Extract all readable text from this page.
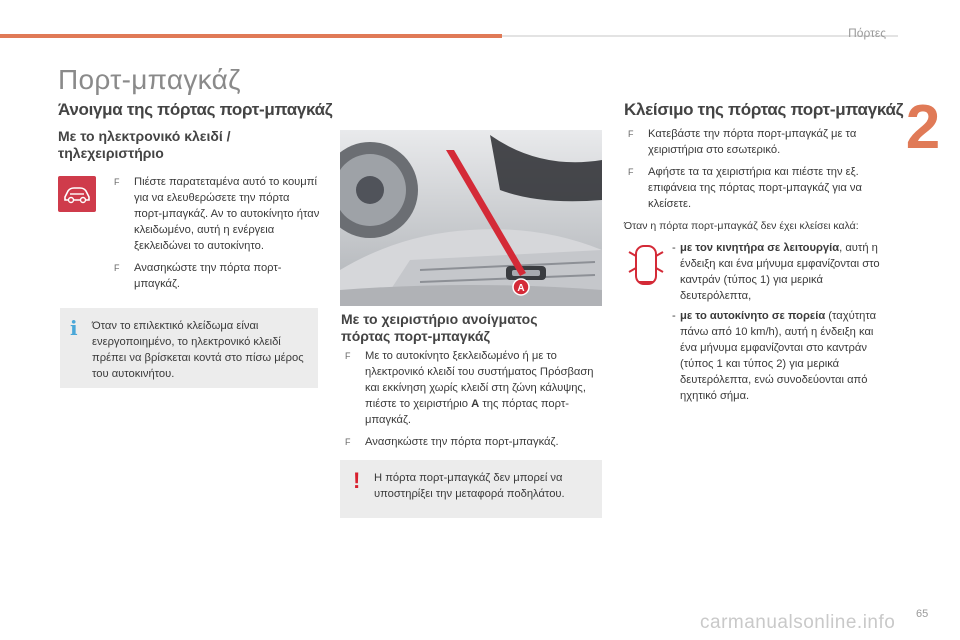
Πόρτες
2
Πορτ-μπαγκάζ
Άνοιγμα της πόρτας πορτ-μπαγκάζ
Με το ηλεκτρονικό κλειδί /
τηλεχειριστήριο

F Πιέστε παρατεταμένα αυτό το κουμπί για να ελευθερώσετε την πόρτα πορτ-μπαγκάζ. Αν το αυτοκίνητο ήταν κλειδωμένο, αυτή η ενέργεια ξεκλειδώνει το αυτοκίνητο.

F Ανασηκώστε την πόρτα πορτ-μπαγκάζ.

i Όταν το επιλεκτικό κλείδωμα είναι ενεργοποιημένο, το ηλεκτρονικό κλειδί πρέπει να βρίσκεται κοντά στο πίσω μέρος του αυτοκινήτου.
A
Με το χειριστήριο ανοίγματος
πόρτας πορτ-μπαγκάζ

F Με το αυτοκίνητο ξεκλειδωμένο ή με το ηλεκτρονικό κλειδί του συστήματος Πρόσβαση και εκκίνηση χωρίς κλειδί στη ζώνη κάλυψης, πιέστε το χειριστήριο A της πόρτας πορτ-μπαγκάζ.

F Ανασηκώστε την πόρτα πορτ-μπαγκάζ.

! Η πόρτα πορτ-μπαγκάζ δεν μπορεί να υποστηρίξει την μεταφορά ποδηλάτου.
Κλείσιμο της πόρτας πορτ-μπαγκάζ

F Κατεβάστε την πόρτα πορτ-μπαγκάζ με τα χειριστήρια στο εσωτερικό.

F Αφήστε τα τα χειριστήρια και πιέστε την εξ. επιφάνεια της πόρτας πορτ-μπαγκάζ για να κλείσετε.

Όταν η πόρτα πορτ-μπαγκάζ δεν έχει κλείσει καλά:
- με τον κινητήρα σε λειτουργία, αυτή η ένδειξη και ένα μήνυμα εμφανίζονται στο καντράν (τύπος 1) για μερικά δευτερόλεπτα,
- με το αυτοκίνητο σε πορεία (ταχύτητα πάνω από 10 km/h), αυτή η ένδειξη και ένα μήνυμα εμφανίζονται στο καντράν (τύπος 1 και τύπος 2) για μερικά δευτερόλεπτα, ενώ συνοδεύονται από ηχητικό σήμα.
carmanualsonline.info 65
